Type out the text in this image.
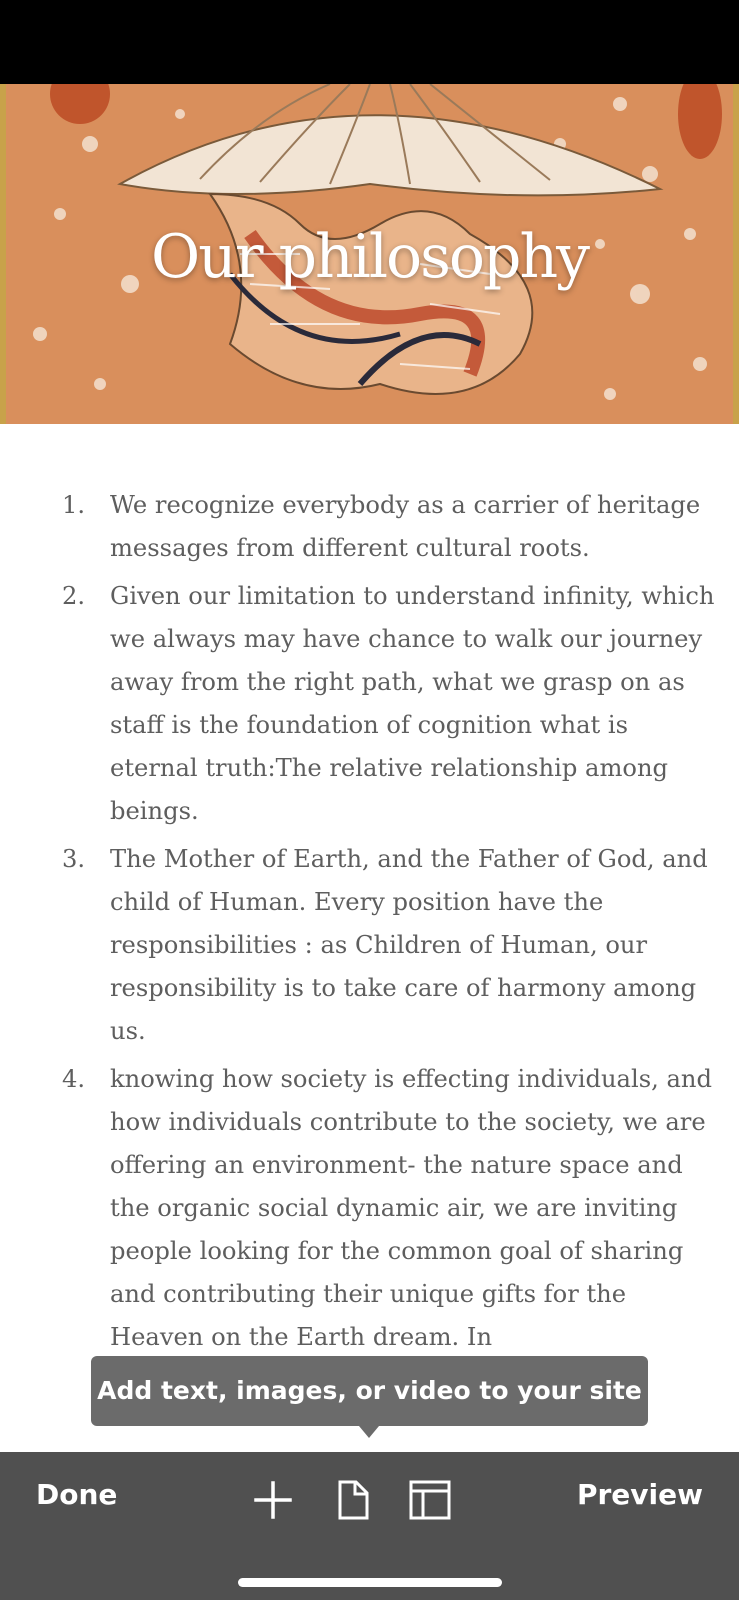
Our philosophy
1. We recognize everybody as a carrier of heritage messages from different cultural roots.
2. Given our limitation to understand infinity, which we always may have chance to walk our journey away from the right path, what we grasp on as staff is the foundation of cognition what is eternal truth:The relative relationship among beings.
3. The Mother of Earth, and the Father of God, and child of Human. Every position have the responsibilities : as Children of Human, our responsibility is to take care of harmony among us.
4. knowing how society is effecting individuals, and how individuals contribute to the society, we are offering an environment- the nature space and the organic social dynamic air, we are inviting people looking for the common goal of sharing and contributing their unique gifts for the Heaven on the Earth dream. In
Add text, images, or video to your site
Done	Preview
